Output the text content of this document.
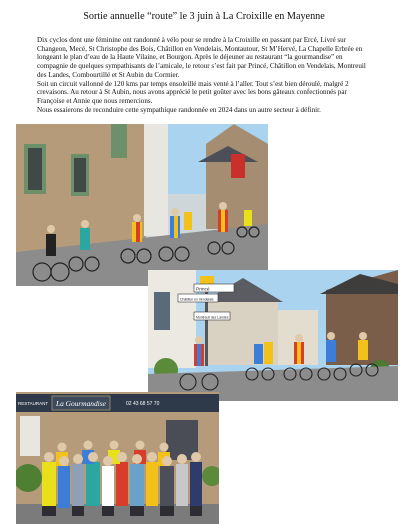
Sortie annuelle “route” le 3 juin à La Croixille en Mayenne

Dix cyclos dont une féminine ont randonné à vélo pour se rendre à la Croixille en passant par Ercé, Livré sur Changeon, Mecé, St Christophe des Bois, Châtillon en Vendelais, Montautour, St M’Hervé, La Chapelle Erbrée en longeant le plan d’eau de la Haute Vilaine, et Bourgon. Après le déjeuner au restaurant “la gourmandise” en compagnie de quelques sympathisants de l’amicale, le retour s’est fait par Princé, Châtillon en Vendelais, Montreuil des Landes, Combourtillé et St Aubin du Cormier.

Soit un circuit vallonné de 120 kms par temps ensoleillé mais venté à l’aller. Tout s’est bien déroulé, malgré 2 crevaisons. Au retour à St Aubin, nous avons apprécié le petit goûter avec les bons gâteaux confectionnés par Françoise et Annie que nous remercions.

Nous essaierons de reconduire cette sympathique randonnée en 2024 dans un autre secteur à définir.

Princé
Châtillon en Vendelais
Montreuil des Landes
RESTAURANT La Gourmandise	02 43 68 57 70
